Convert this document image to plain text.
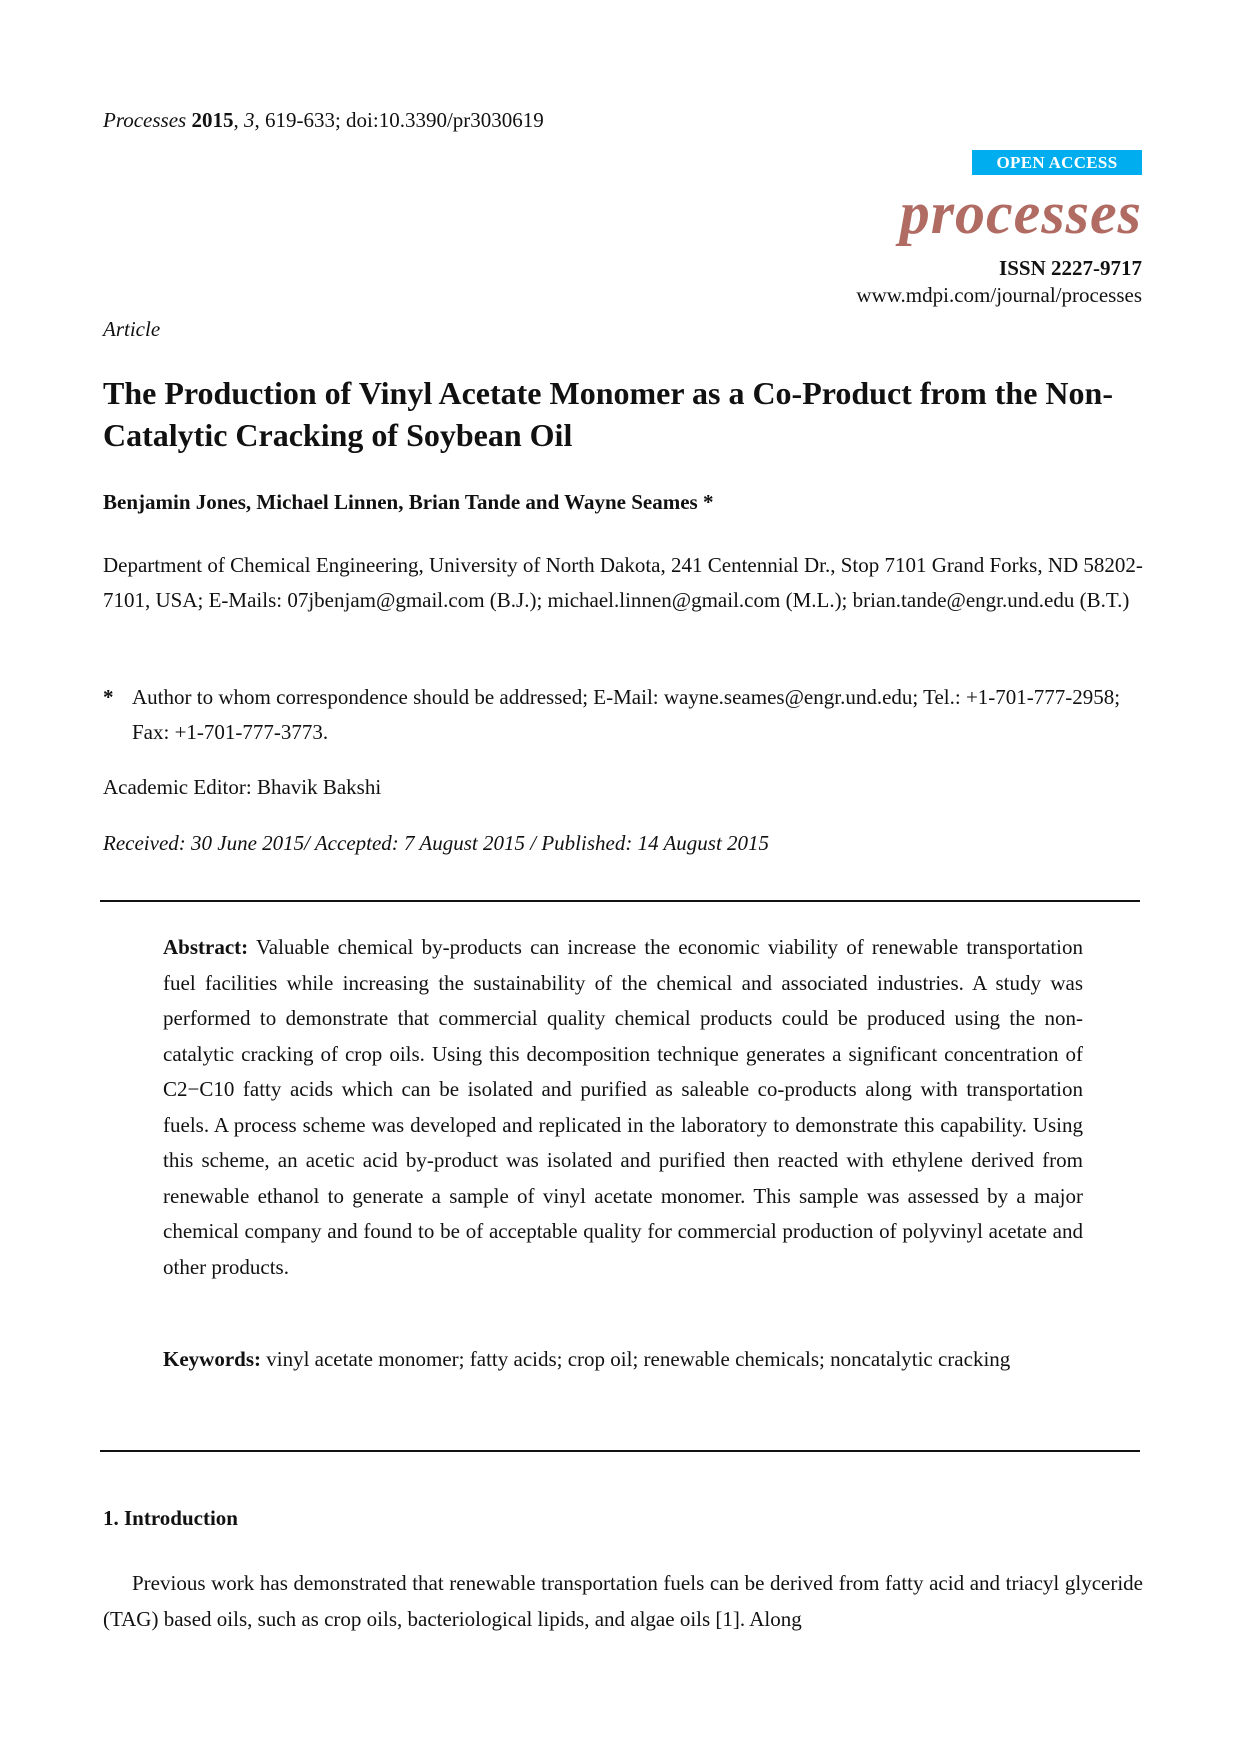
Processes 2015, 3, 619-633; doi:10.3390/pr3030619
OPEN ACCESS
processes
ISSN 2227-9717
www.mdpi.com/journal/processes
Article
The Production of Vinyl Acetate Monomer as a Co-Product from the Non-Catalytic Cracking of Soybean Oil
Benjamin Jones, Michael Linnen, Brian Tande and Wayne Seames *
Department of Chemical Engineering, University of North Dakota, 241 Centennial Dr., Stop 7101 Grand Forks, ND 58202-7101, USA; E-Mails: 07jbenjam@gmail.com (B.J.); michael.linnen@gmail.com (M.L.); brian.tande@engr.und.edu (B.T.)
* Author to whom correspondence should be addressed; E-Mail: wayne.seames@engr.und.edu; Tel.: +1-701-777-2958; Fax: +1-701-777-3773.
Academic Editor: Bhavik Bakshi
Received: 30 June 2015/ Accepted: 7 August 2015 / Published: 14 August 2015
Abstract: Valuable chemical by-products can increase the economic viability of renewable transportation fuel facilities while increasing the sustainability of the chemical and associated industries. A study was performed to demonstrate that commercial quality chemical products could be produced using the non-catalytic cracking of crop oils. Using this decomposition technique generates a significant concentration of C2−C10 fatty acids which can be isolated and purified as saleable co-products along with transportation fuels. A process scheme was developed and replicated in the laboratory to demonstrate this capability. Using this scheme, an acetic acid by-product was isolated and purified then reacted with ethylene derived from renewable ethanol to generate a sample of vinyl acetate monomer. This sample was assessed by a major chemical company and found to be of acceptable quality for commercial production of polyvinyl acetate and other products.
Keywords: vinyl acetate monomer; fatty acids; crop oil; renewable chemicals; noncatalytic cracking
1. Introduction
Previous work has demonstrated that renewable transportation fuels can be derived from fatty acid and triacyl glyceride (TAG) based oils, such as crop oils, bacteriological lipids, and algae oils [1]. Along
